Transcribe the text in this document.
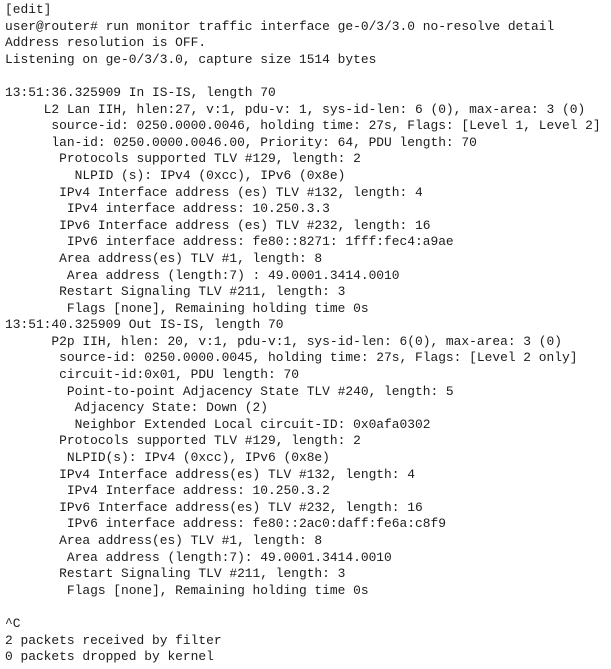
[edit]
user@router# run monitor traffic interface ge-0/3/3.0 no-resolve detail
Address resolution is OFF.
Listening on ge-0/3/3.0, capture size 1514 bytes
13:51:36.325909 In IS-IS, length 70
L2 Lan IIH, hlen:27, v:1, pdu-v: 1, sys-id-len: 6 (0), max-area: 3 (0)
source-id: 0250.0000.0046, holding time: 27s, Flags: [Level 1, Level 2]
lan-id: 0250.0000.0046.00, Priority: 64, PDU length: 70
Protocols supported TLV #129, length: 2
NLPID (s): IPv4 (0xcc), IPv6 (0x8e)
IPv4 Interface address (es) TLV #132, length: 4
IPv4 interface address: 10.250.3.3
IPv6 Interface address (es) TLV #232, length: 16
IPv6 interface address: fe80::8271: 1fff:fec4:a9ae
Area address(es) TLV #1, length: 8
Area address (length:7) : 49.0001.3414.0010
Restart Signaling TLV #211, length: 3
Flags [none], Remaining holding time 0s
13:51:40.325909 Out IS-IS, length 70
P2p IIH, hlen: 20, v:1, pdu-v:1, sys-id-len: 6(0), max-area: 3 (0)
source-id: 0250.0000.0045, holding time: 27s, Flags: [Level 2 only]
circuit-id:0x01, PDU length: 70
Point-to-point Adjacency State TLV #240, length: 5
Adjacency State: Down (2)
Neighbor Extended Local circuit-ID: 0x0afa0302
Protocols supported TLV #129, length: 2
NLPID(s): IPv4 (0xcc), IPv6 (0x8e)
IPv4 Interface address(es) TLV #132, length: 4
IPv4 Interface address: 10.250.3.2
IPv6 Interface address(es) TLV #232, length: 16
IPv6 interface address: fe80::2ac0:daff:fe6a:c8f9
Area address(es) TLV #1, length: 8
Area address (length:7): 49.0001.3414.0010
Restart Signaling TLV #211, length: 3
Flags [none], Remaining holding time 0s
^C
2 packets received by filter
0 packets dropped by kernel
